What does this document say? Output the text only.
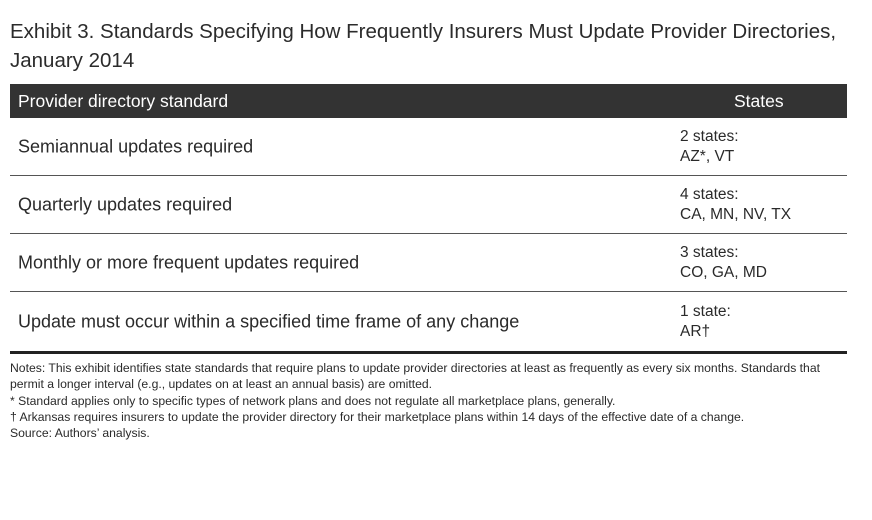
Exhibit 3. Standards Specifying How Frequently Insurers Must Update Provider Directories, January 2014
Provider directory standard	States
Semiannual updates required	2 states:
AZ*, VT
Quarterly updates required	4 states:
CA, MN, NV, TX
Monthly or more frequent updates required	3 states:
CO, GA, MD
Update must occur within a specified time frame of any change	1 state:
AR†
Notes: This exhibit identifies state standards that require plans to update provider directories at least as frequently as every six months. Standards that permit a longer interval (e.g., updates on at least an annual basis) are omitted.
* Standard applies only to specific types of network plans and does not regulate all marketplace plans, generally.
† Arkansas requires insurers to update the provider directory for their marketplace plans within 14 days of the effective date of a change.
Source: Authors’ analysis.
